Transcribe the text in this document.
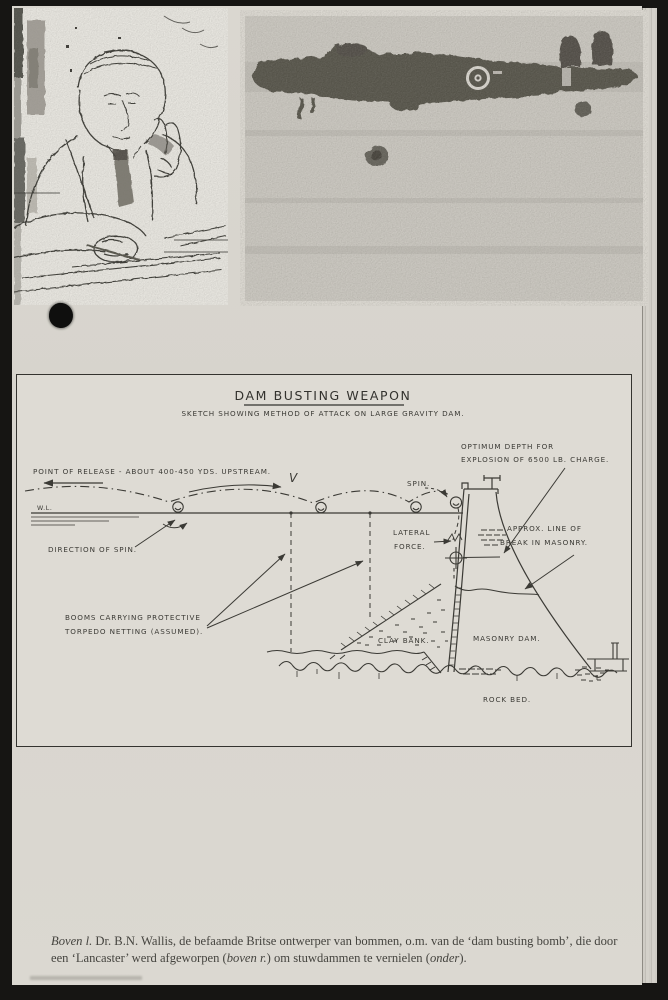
DAM BUSTING WEAPON
SKETCH SHOWING METHOD OF ATTACK ON LARGE GRAVITY DAM.
POINT OF RELEASE - ABOUT 400-450 YDS. UPSTREAM.
W.L.
V
DIRECTION OF SPIN.
BOOMS CARRYING PROTECTIVE
TORPEDO NETTING (ASSUMED).
SPIN.
LATERAL
FORCE.
OPTIMUM DEPTH FOR
EXPLOSION OF 6500 LB. CHARGE.
APPROX. LINE OF
BREAK IN MASONRY.
CLAY BANK.	MASONRY DAM.
ROCK BED.

Boven l. Dr. B.N. Wallis, de befaamde Britse ontwerper van bommen, o.m. van de ‘dam busting bomb’, die door een ‘Lancaster’ werd afgeworpen (boven r.) om stuwdammen te vernielen (onder).
